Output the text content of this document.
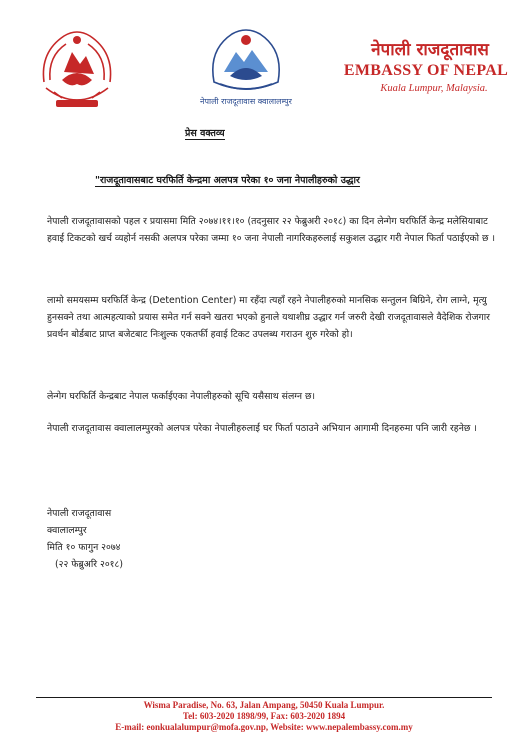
नेपाली राजदूतावास क्वालालम्पुर
नेपाली राजदूतावास
EMBASSY OF NEPAL
Kuala Lumpur, Malaysia.
प्रेस वक्तव्य
"राजदूतावासबाट घरफिर्ति केन्द्रमा अलपत्र परेका १० जना नेपालीहरुको उद्धार

नेपाली राजदूतावासको पहल र प्रयासमा मिति २०७४।११।१० (तदनुसार २२ फेब्रुअरी २०१८) का दिन लेन्गेग घरफिर्ति केन्द्र मलेसियाबाट हवाई टिकटको खर्च व्यहोर्न नसकी अलपत्र परेका जम्मा १० जना नेपाली नागरिकहरुलाई सकुशल उद्धार गरी नेपाल फिर्ता पठाईएको छ ।

लामो समयसम्म घरफिर्ति केन्द्र (Detention Center) मा रहँदा त्यहाँ रहने नेपालीहरुको मानसिक सन्तुलन बिग्रिने, रोग लाग्ने, मृत्यु हुनसक्ने तथा आत्महत्याको प्रयास समेत गर्न सक्ने खतरा भएको हुनाले यथाशीघ्र उद्धार गर्न जरुरी देखी राजदूतावासले वैदेशिक रोजगार प्रवर्धन बोर्डबाट प्राप्त बजेटबाट निःशुल्क एकतर्फी हवाई टिकट उपलब्ध गराउन शुरु गरेको हो।

लेन्गेग घरफिर्ति केन्द्रबाट नेपाल फर्काईएका नेपालीहरुको सूचि यसैसाथ संलग्न छ।

नेपाली राजदूतावास क्वालालम्पुरको अलपत्र परेका नेपालीहरुलाई घर फिर्ता पठाउने अभियान आगामी दिनहरुमा पनि जारी रहनेछ ।

नेपाली राजदूतावास
क्वालालम्पुर
मिति १० फागुन २०७४
(२२ फेब्रुअरि २०१८)
Wisma Paradise, No. 63, Jalan Ampang, 50450 Kuala Lumpur.
Tel: 603-2020 1898/99, Fax: 603-2020 1894
E-mail: eonkualalumpur@mofa.gov.np, Website: www.nepalembassy.com.my
